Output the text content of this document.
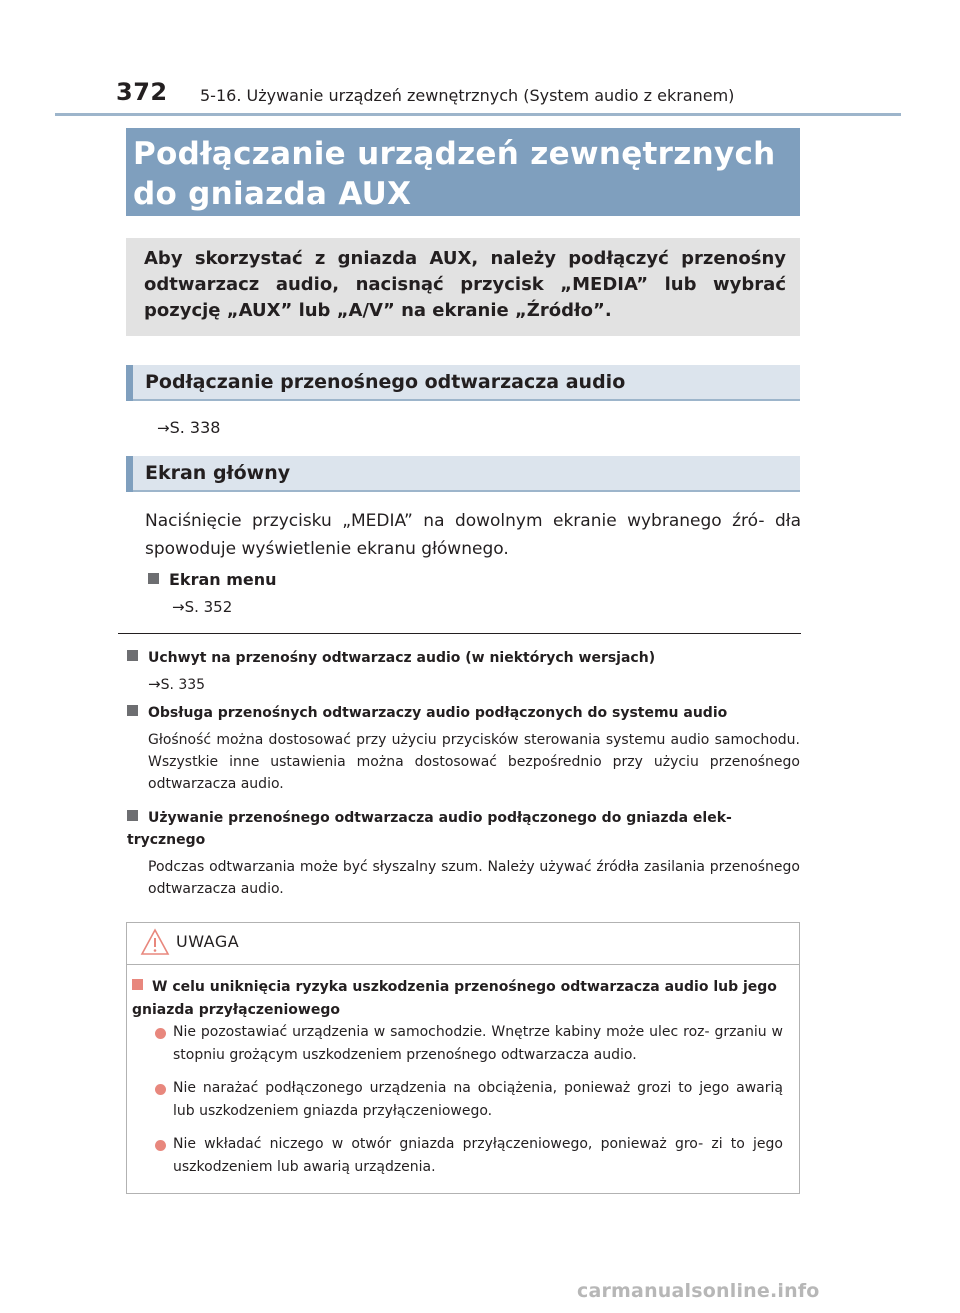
372 5-16. Używanie urządzeń zewnętrznych (System audio z ekranem)
Podłączanie urządzeń zewnętrznych do gniazda AUX
Aby skorzystać z gniazda AUX, należy podłączyć przenośny odtwarzacz audio, nacisnąć przycisk „MEDIA” lub wybrać pozycję „AUX” lub „A/V” na ekranie „Źródło”.
Podłączanie przenośnego odtwarzacza audio
→S. 338
Ekran główny
Naciśnięcie przycisku „MEDIA” na dowolnym ekranie wybranego źró- dła spowoduje wyświetlenie ekranu głównego.
Ekran menu
→S. 352
Uchwyt na przenośny odtwarzacz audio (w niektórych wersjach)
→S. 335
Obsługa przenośnych odtwarzaczy audio podłączonych do systemu audio
Głośność można dostosować przy użyciu przycisków sterowania systemu audio samochodu. Wszystkie inne ustawienia można dostosować bezpośrednio przy użyciu przenośnego odtwarzacza audio.
Używanie przenośnego odtwarzacza audio podłączonego do gniazda elek- trycznego
Podczas odtwarzania może być słyszalny szum. Należy używać źródła zasilania przenośnego odtwarzacza audio.
UWAGA
W celu uniknięcia ryzyka uszkodzenia przenośnego odtwarzacza audio lub jego gniazda przyłączeniowego
Nie pozostawiać urządzenia w samochodzie. Wnętrze kabiny może ulec roz- grzaniu w stopniu grożącym uszkodzeniem przenośnego odtwarzacza audio.
Nie narażać podłączonego urządzenia na obciążenia, ponieważ grozi to jego awarią lub uszkodzeniem gniazda przyłączeniowego.
Nie wkładać niczego w otwór gniazda przyłączeniowego, ponieważ gro- zi to jego uszkodzeniem lub awarią urządzenia.
carmanualsonline.info
